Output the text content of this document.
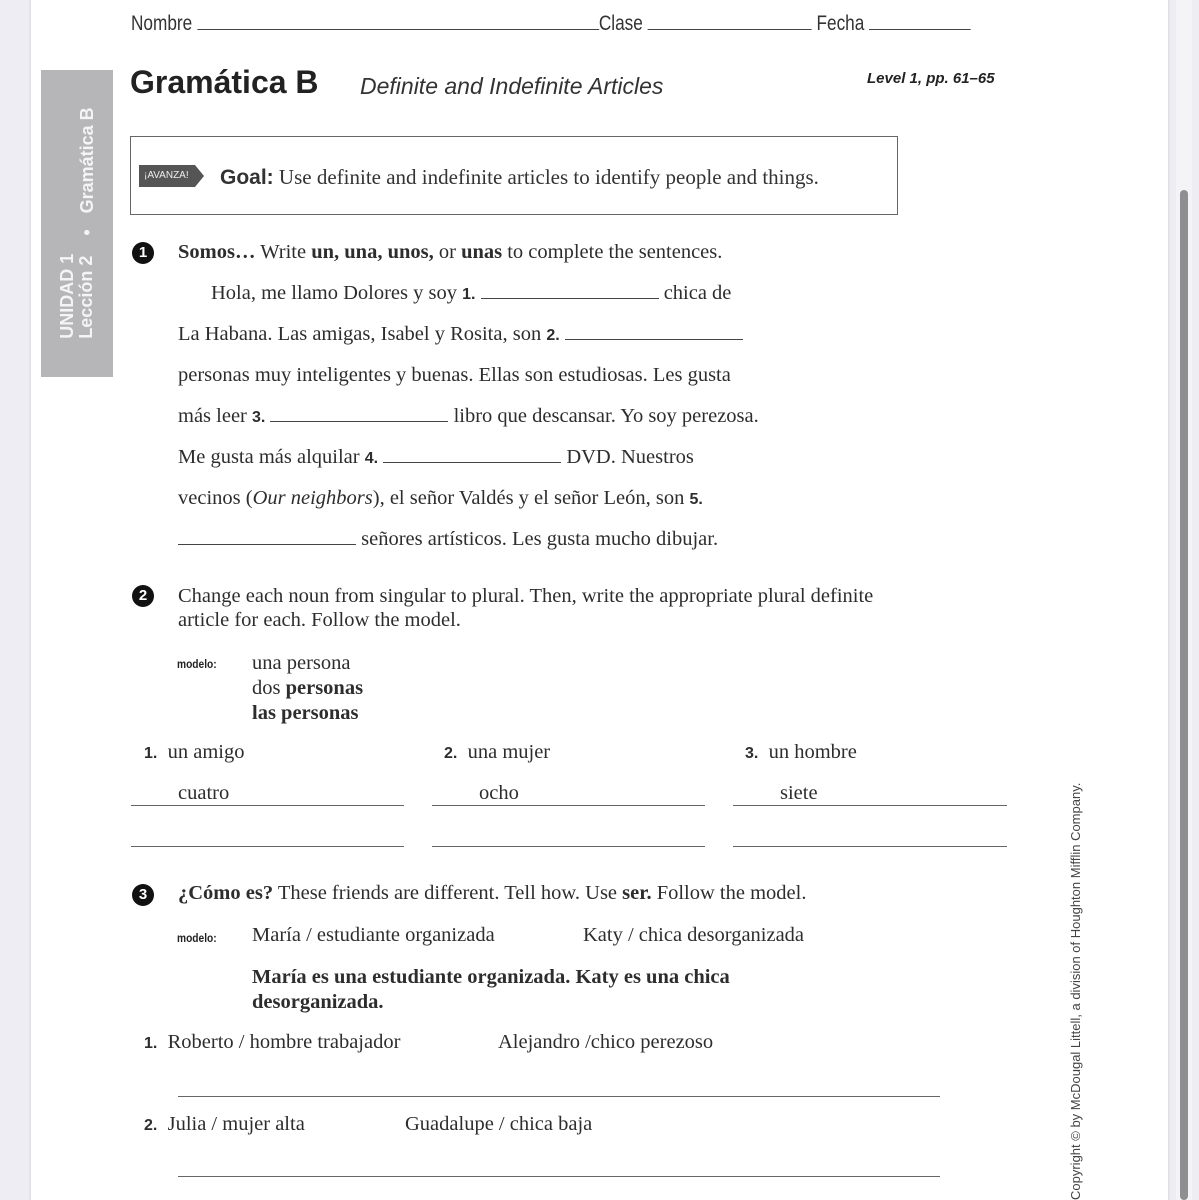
Nombre	Clase	Fecha
UNIDAD 1 Lección 2
•
Gramática B
Gramática B Definite and Indefinite Articles	Level 1, pp. 61–65
¡AVANZA! Goal: Use definite and indefinite articles to identify people and things.
1	Somos… Write un, una, unos, or unas to complete the sentences.
Hola, me llamo Dolores y soy 1.	chica de
La Habana. Las amigas, Isabel y Rosita, son 2.
personas muy inteligentes y buenas. Ellas son estudiosas. Les gusta
más leer 3.	libro que descansar. Yo soy perezosa.
Me gusta más alquilar 4.	DVD. Nuestros
vecinos (Our neighbors), el señor Valdés y el señor León, son 5.
señores artísticos. Les gusta mucho dibujar.
2	Change each noun from singular to plural. Then, write the appropriate plural definite
article for each. Follow the model.
modelo: una persona
dos personas
las personas
1. un amigo
cuatro
2. una mujer
ocho
3. un hombre
siete
3	¿Cómo es? These friends are different. Tell how. Use ser. Follow the model.
modelo: María / estudiante organizada	Katy / chica desorganizada
María es una estudiante organizada. Katy es una chica
desorganizada.
1. Roberto / hombre trabajador	Alejandro /chico perezoso
2. Julia / mujer alta	Guadalupe / chica baja	Copyright © by McDougal Littell, a division of Houghton Mifflin Company.
